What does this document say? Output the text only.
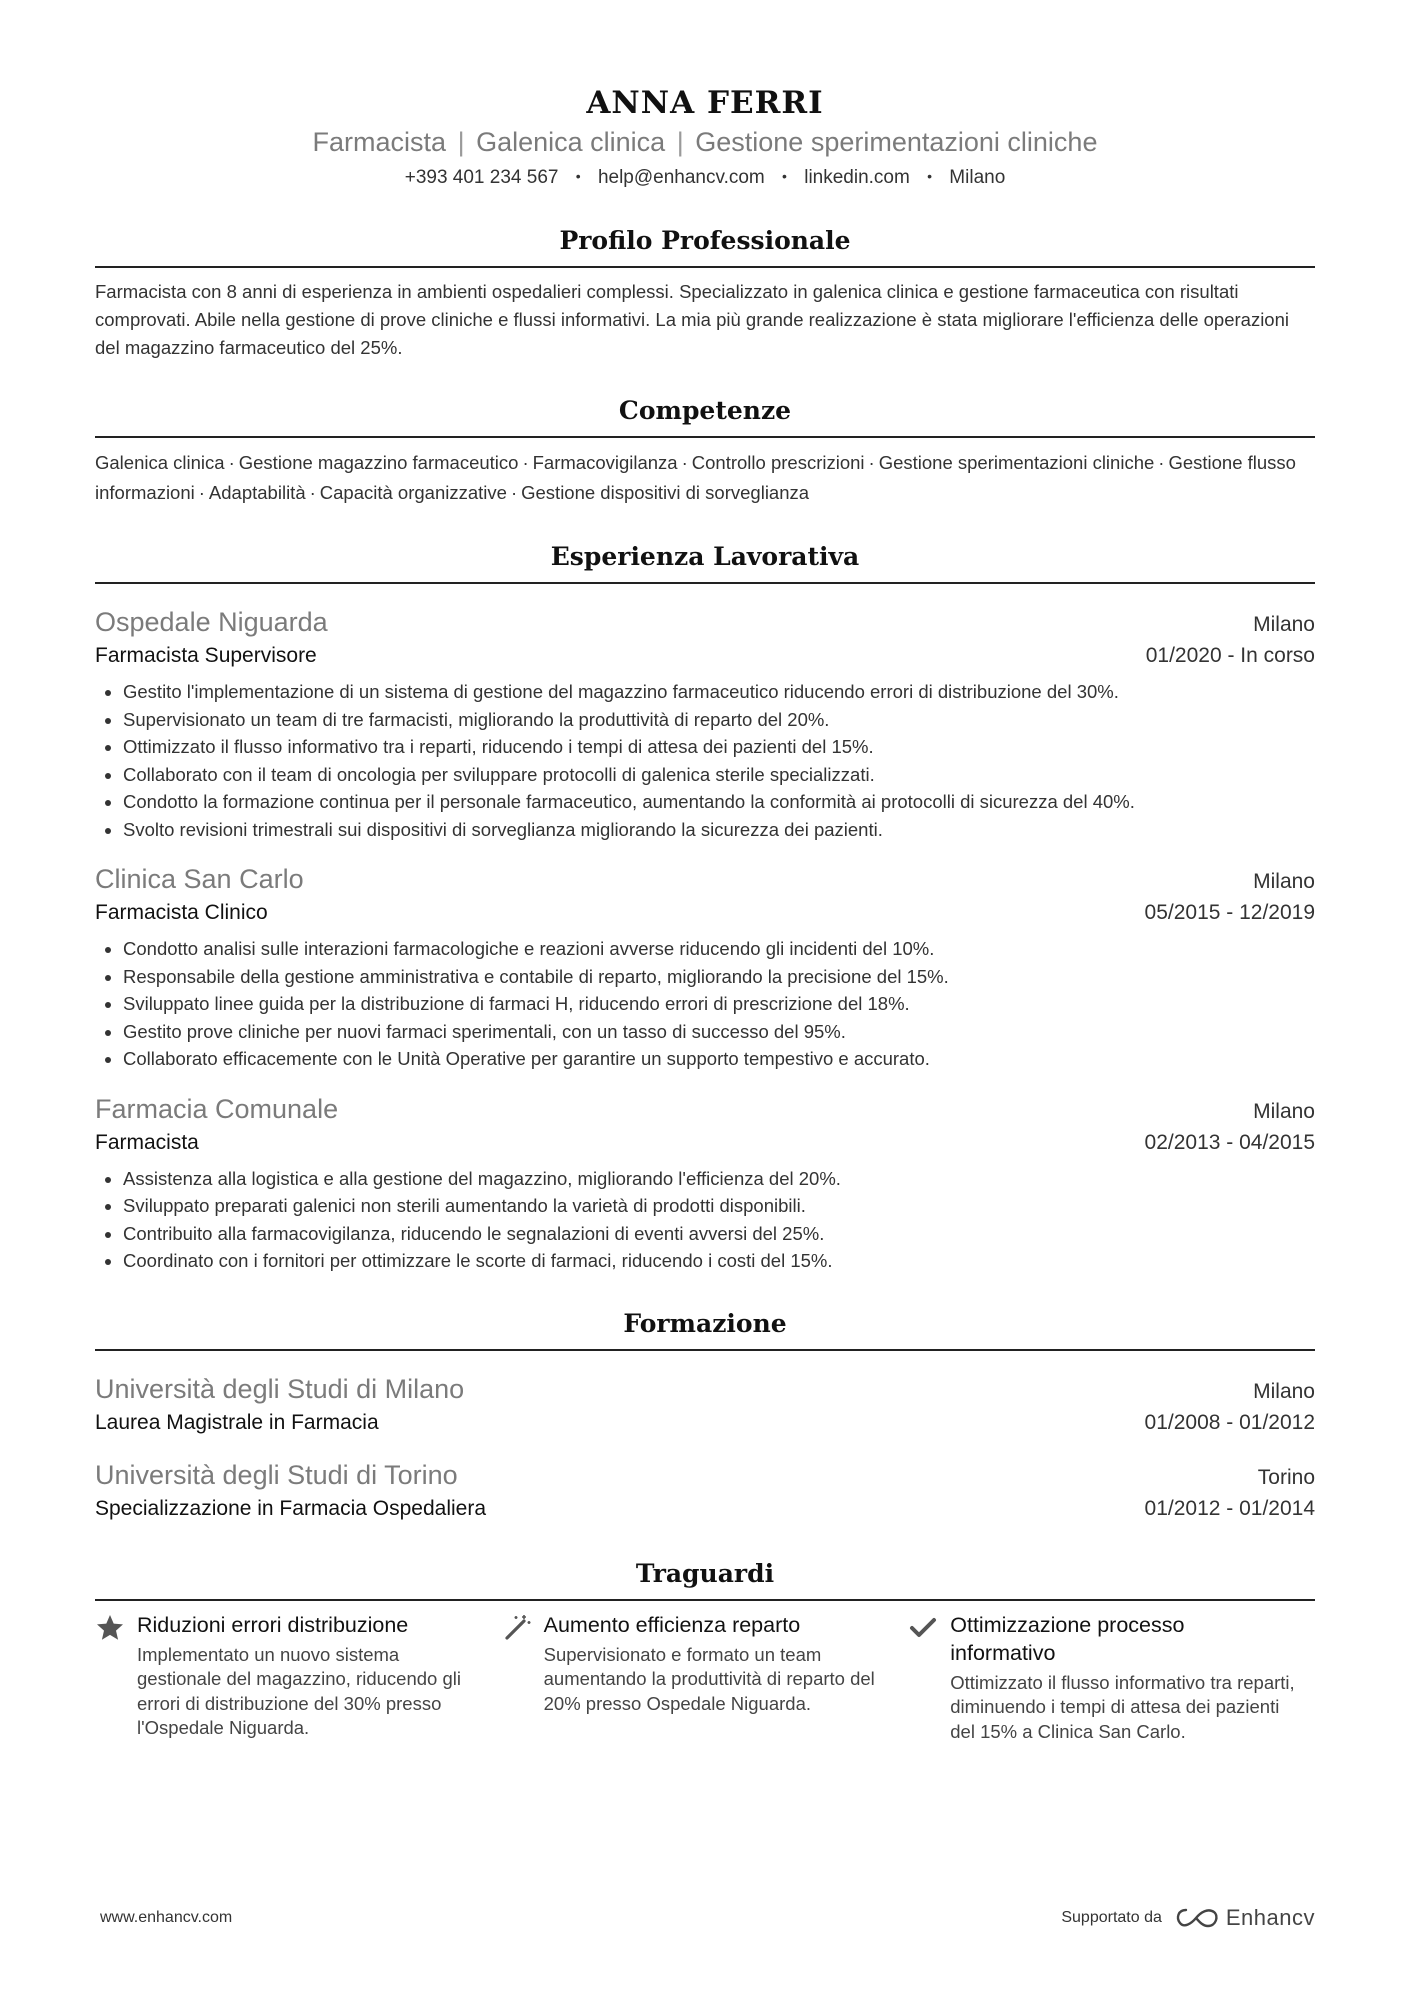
ANNA FERRI
Farmacista | Galenica clinica | Gestione sperimentazioni cliniche
+393 401 234 567 • help@enhancv.com • linkedin.com • Milano
Profilo Professionale
Farmacista con 8 anni di esperienza in ambienti ospedalieri complessi. Specializzato in galenica clinica e gestione farmaceutica con risultati comprovati. Abile nella gestione di prove cliniche e flussi informativi. La mia più grande realizzazione è stata migliorare l'efficienza delle operazioni del magazzino farmaceutico del 25%.
Competenze
Galenica clinica · Gestione magazzino farmaceutico · Farmacovigilanza · Controllo prescrizioni · Gestione sperimentazioni cliniche · Gestione flusso informazioni · Adaptabilità · Capacità organizzative · Gestione dispositivi di sorveglianza
Esperienza Lavorativa
Ospedale Niguarda	Milano
Farmacista Supervisore	01/2020 - In corso
• Gestito l'implementazione di un sistema di gestione del magazzino farmaceutico riducendo errori di distribuzione del 30%.
• Supervisionato un team di tre farmacisti, migliorando la produttività di reparto del 20%.
• Ottimizzato il flusso informativo tra i reparti, riducendo i tempi di attesa dei pazienti del 15%.
• Collaborato con il team di oncologia per sviluppare protocolli di galenica sterile specializzati.
• Condotto la formazione continua per il personale farmaceutico, aumentando la conformità ai protocolli di sicurezza del 40%.
• Svolto revisioni trimestrali sui dispositivi di sorveglianza migliorando la sicurezza dei pazienti.
Clinica San Carlo	Milano
Farmacista Clinico	05/2015 - 12/2019
• Condotto analisi sulle interazioni farmacologiche e reazioni avverse riducendo gli incidenti del 10%.
• Responsabile della gestione amministrativa e contabile di reparto, migliorando la precisione del 15%.
• Sviluppato linee guida per la distribuzione di farmaci H, riducendo errori di prescrizione del 18%.
• Gestito prove cliniche per nuovi farmaci sperimentali, con un tasso di successo del 95%.
• Collaborato efficacemente con le Unità Operative per garantire un supporto tempestivo e accurato.
Farmacia Comunale	Milano
Farmacista	02/2013 - 04/2015
• Assistenza alla logistica e alla gestione del magazzino, migliorando l'efficienza del 20%.
• Sviluppato preparati galenici non sterili aumentando la varietà di prodotti disponibili.
• Contribuito alla farmacovigilanza, riducendo le segnalazioni di eventi avversi del 25%.
• Coordinato con i fornitori per ottimizzare le scorte di farmaci, riducendo i costi del 15%.
Formazione
Università degli Studi di Milano	Milano
Laurea Magistrale in Farmacia	01/2008 - 01/2012
Università degli Studi di Torino	Torino
Specializzazione in Farmacia Ospedaliera	01/2012 - 01/2014
Traguardi
Riduzioni errori distribuzione
Implementato un nuovo sistema gestionale del magazzino, riducendo gli errori di distribuzione del 30% presso l'Ospedale Niguarda.
Aumento efficienza reparto
Supervisionato e formato un team aumentando la produttività di reparto del 20% presso Ospedale Niguarda.
Ottimizzazione processo informativo
Ottimizzato il flusso informativo tra reparti, diminuendo i tempi di attesa dei pazienti del 15% a Clinica San Carlo.
www.enhancv.com	Supportato da	Enhancv
